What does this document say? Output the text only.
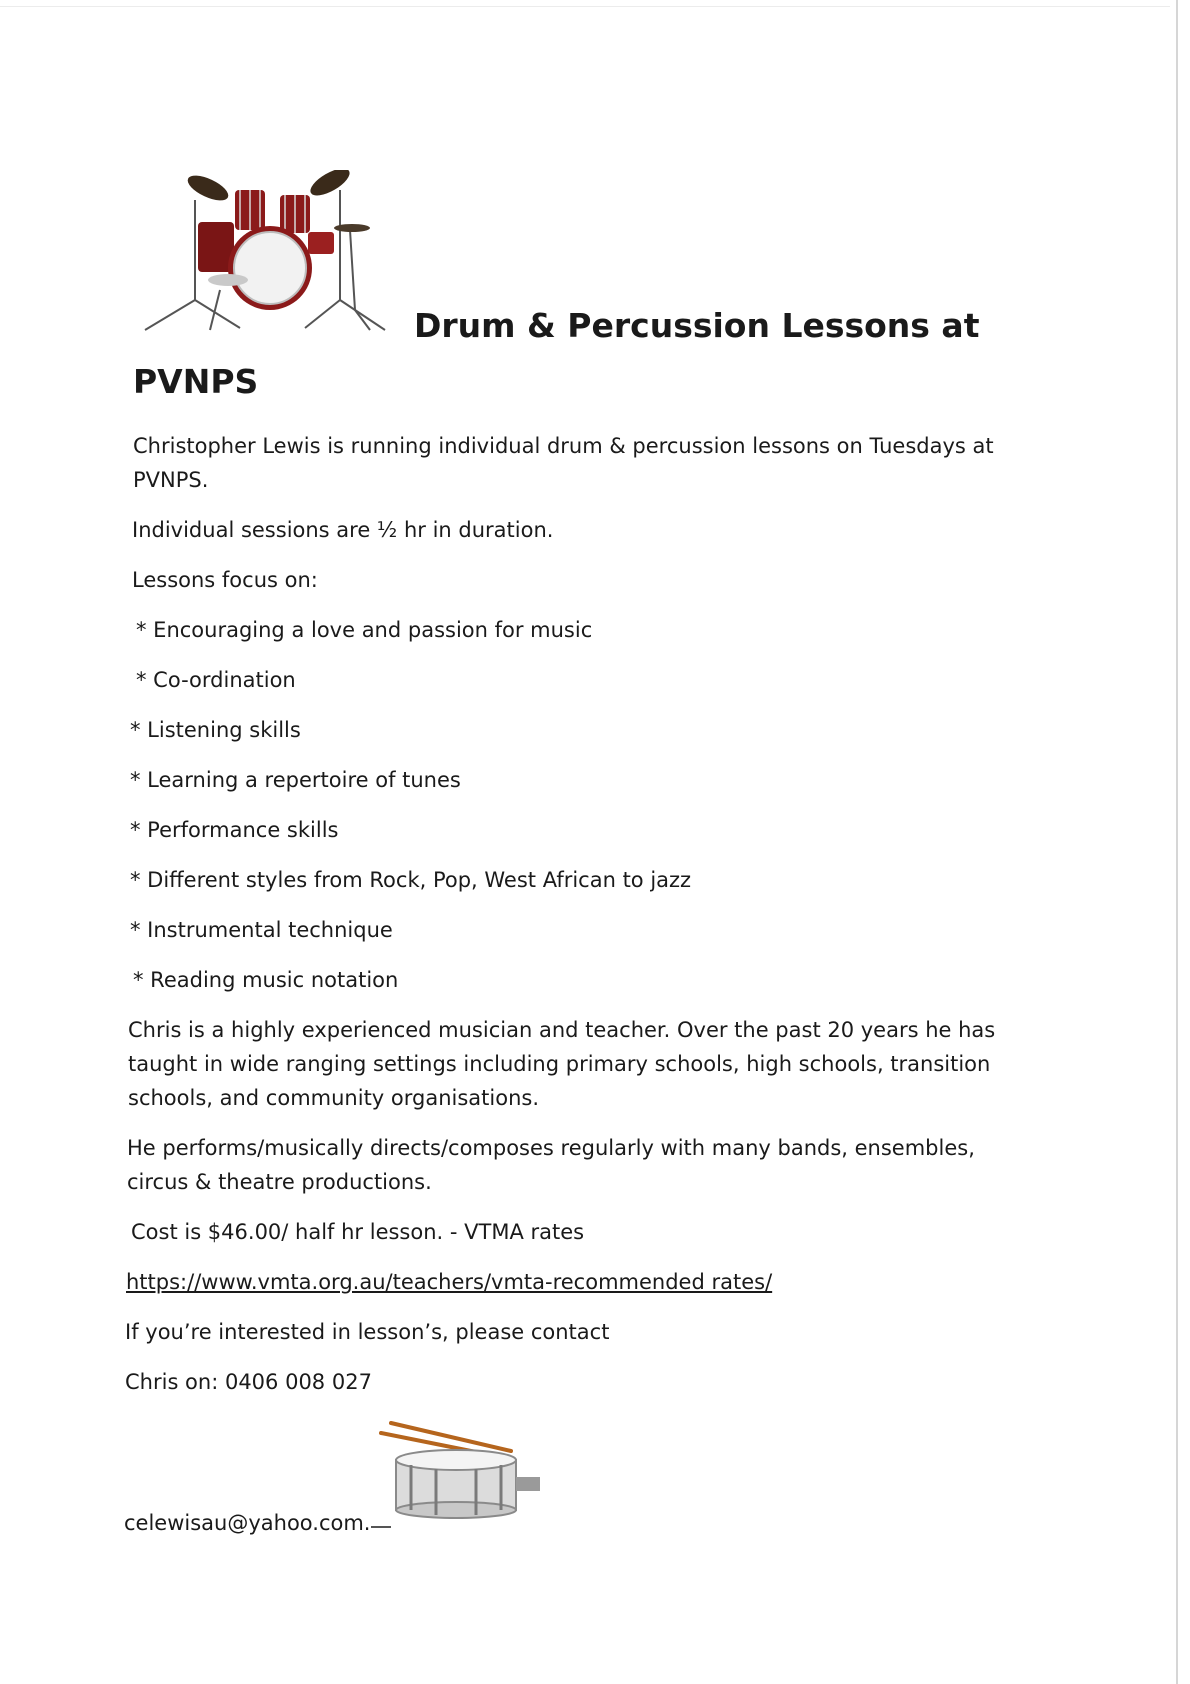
Drum & Percussion Lessons at
PVNPS

Christopher Lewis is running individual drum & percussion lessons on Tuesdays at

PVNPS.

Individual sessions are ½ hr in duration.

Lessons focus on:

* Encouraging a love and passion for music

* Co-ordination

* Listening skills

* Learning a repertoire of tunes

* Performance skills

* Different styles from Rock, Pop, West African to jazz

* Instrumental technique

* Reading music notation

Chris is a highly experienced musician and teacher. Over the past 20 years he has

taught in wide ranging settings including primary schools, high schools, transition

schools, and community organisations.

He performs/musically directs/composes regularly with many bands, ensembles,

circus & theatre productions.

Cost is $46.00/ half hr lesson. - VTMA rates

https://www.vmta.org.au/teachers/vmta-recommended rates/

If you’re interested in lesson’s, please contact

Chris on: 0406 008 027

celewisau@yahoo.com.
